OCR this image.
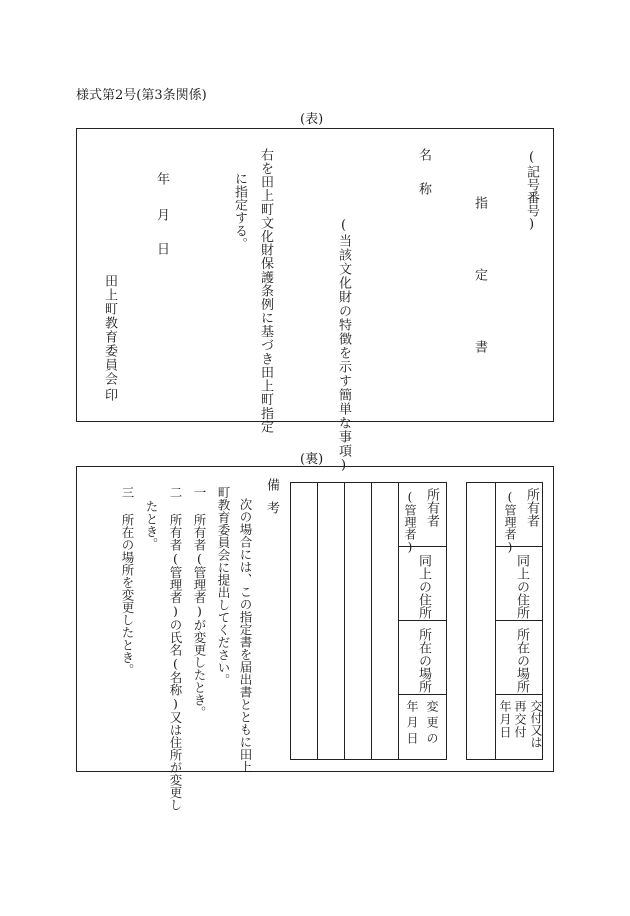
様式第2号(第3条関係)
(表)
(記号番号)
指
定
書
名
称
(当該文化財の特徴を示す簡単な事項)
右を田上町文化財保護条例に基づき田上町指定
に指定する。
年
月
日
田上町教育委員会
印
(裏)
所有者
(管理者)
同上の住所
所在の場所
交付又は
再交付
年月日
所有者
(管理者)
同上の住所
所在の場所
変更の
年月日
備考
次の場合には、この指定書を届出書とともに田上
町教育委員会に提出してください。
一 所有者(管理者)が変更したとき。
二 所有者(管理者)の氏名(名称)又は住所が変更し
たとき。
三 所在の場所を変更したとき。
